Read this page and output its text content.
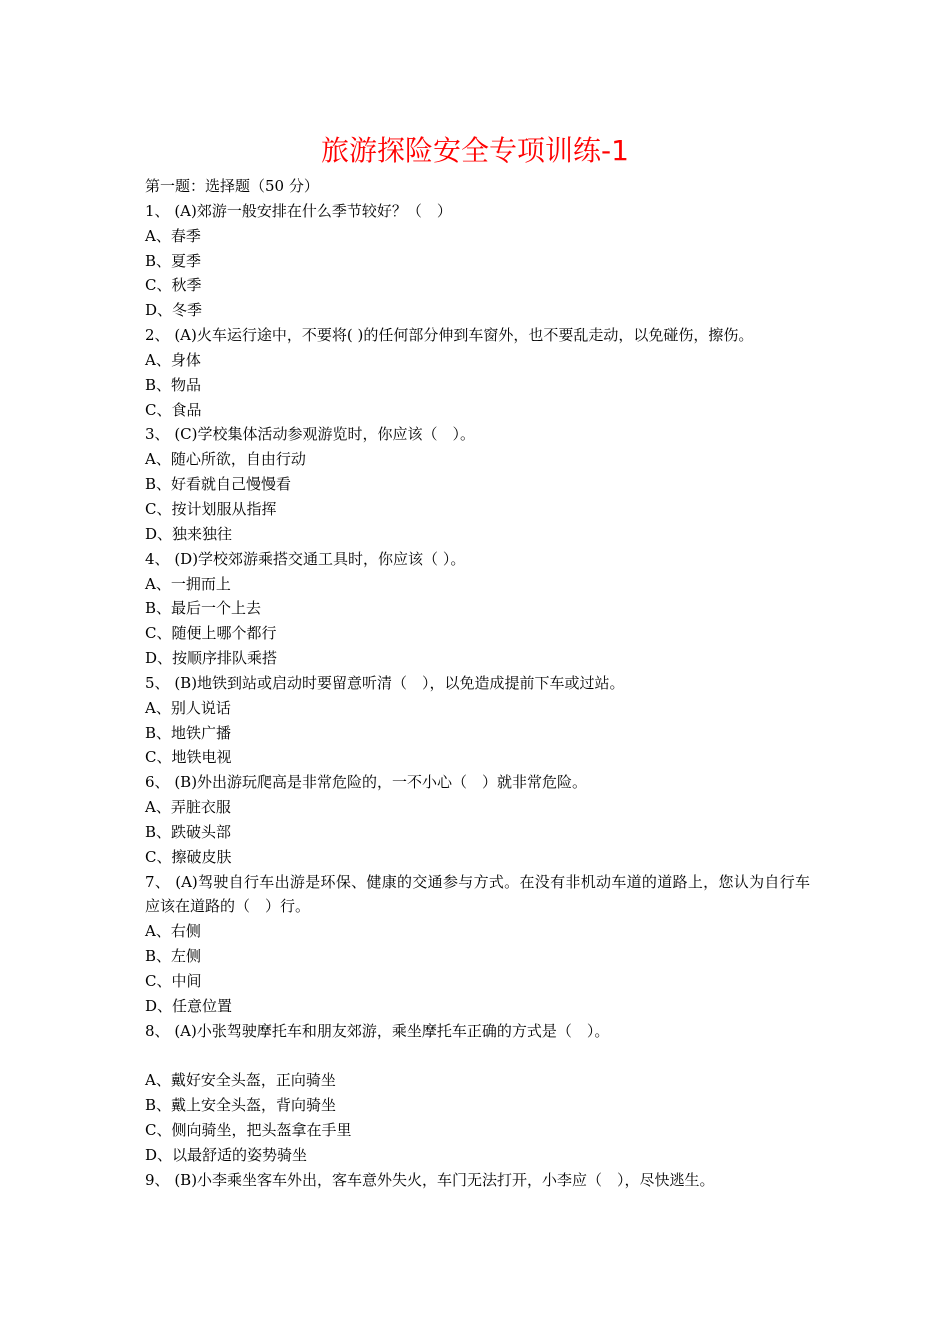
旅游探险安全专项训练-1
第一题：选择题（50 分）
1、 (A)郊游一般安排在什么季节较好？（　）
A、春季
B、夏季
C、秋季
D、冬季
2、 (A)火车运行途中，不要将( )的任何部分伸到车窗外，也不要乱走动，以免碰伤，擦伤。
A、身体
B、物品
C、食品
3、 (C)学校集体活动参观游览时，你应该（　）。
A、随心所欲，自由行动
B、好看就自己慢慢看
C、按计划服从指挥
D、独来独往
4、 (D)学校郊游乘搭交通工具时，你应该（ ）。
A、一拥而上
B、最后一个上去
C、随便上哪个都行
D、按顺序排队乘搭
5、 (B)地铁到站或启动时要留意听清（　），以免造成提前下车或过站。
A、别人说话
B、地铁广播
C、地铁电视
6、 (B)外出游玩爬高是非常危险的，一不小心（　）就非常危险。
A、弄脏衣服
B、跌破头部
C、擦破皮肤
7、 (A)驾驶自行车出游是环保、健康的交通参与方式。在没有非机动车道的道路上，您认为自行车应该在道路的（　）行。
A、右侧
B、左侧
C、中间
D、任意位置
8、 (A)小张驾驶摩托车和朋友郊游，乘坐摩托车正确的方式是（　）。
A、戴好安全头盔，正向骑坐
B、戴上安全头盔，背向骑坐
C、侧向骑坐，把头盔拿在手里
D、以最舒适的姿势骑坐
9、 (B)小李乘坐客车外出，客车意外失火，车门无法打开，小李应（　），尽快逃生。
